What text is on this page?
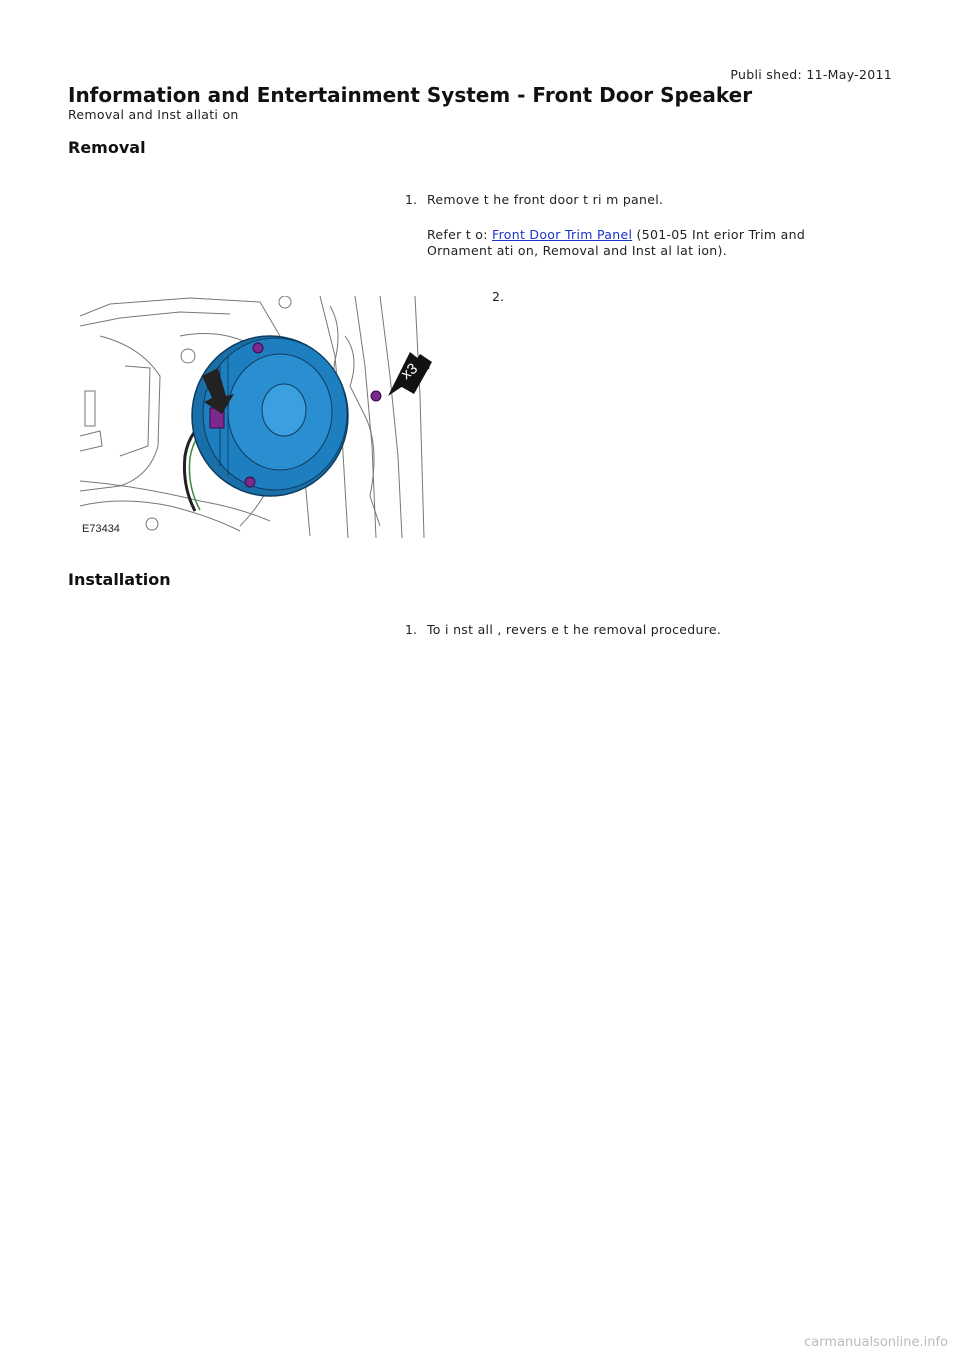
Publi shed: 11-May-2011
Information and Entertainment System - Front Door Speaker
Removal and Inst allati on
Removal
1. Remove t he front door t ri m panel.
Refer t o: Front Door Trim Panel (501-05 Int erior Trim and
Ornament ati on, Removal and Inst al lat ion).
2.
x3
E73434
Installation
1. To i nst all , revers e t he removal procedure.
carmanualsonline.info
